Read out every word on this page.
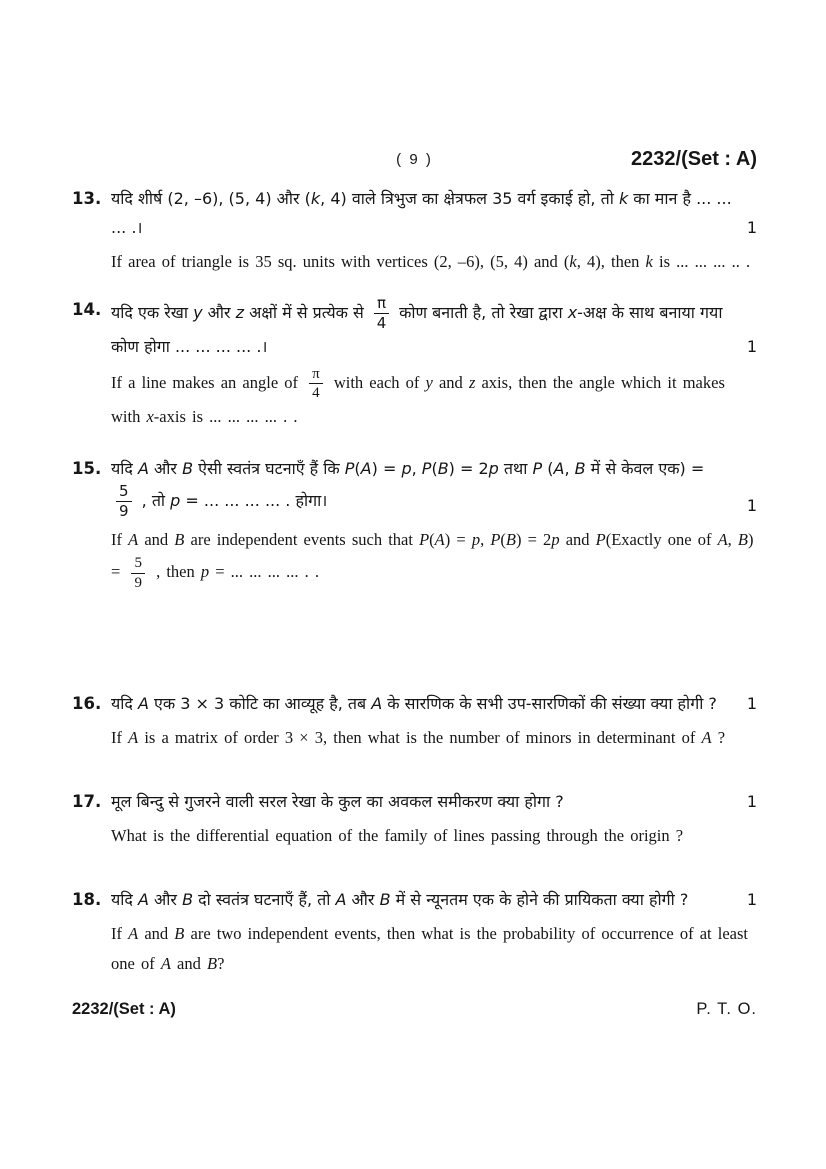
( 9 )	2232/(Set : A)
13. यदि शीर्ष (2, –6), (5, 4) और (k, 4) वाले त्रिभुज का क्षेत्रफल 35 वर्ग इकाई हो, तो k का मान है ... ... ... .।	1
If area of triangle is 35 sq. units with vertices (2, –6), (5, 4) and (k, 4), then k is ... ... ... .. .
14. यदि एक रेखा y और z अक्षों में से प्रत्येक से $\frac{\pi}{4}$ कोण बनाती है, तो रेखा द्वारा x-अक्ष के साथ बनाया गया कोण होगा ... ... ... ... .।	1
If a line makes an angle of $\frac{\pi}{4}$ with each of y and z axis, then the angle which it makes with x-axis is ... ... ... ... . .
15. यदि A और B ऐसी स्वतंत्र घटनाएँ हैं कि P(A) = p, P(B) = 2p तथा P (A, B में से केवल एक) =
$\frac{5}{9}$ , तो p = ... ... ... ... . होगा।	1
If A and B are independent events such that P(A) = p, P(B) = 2p and P(Exactly one of A, $B) = \frac{5}{9}$ , then p = ... ... ... ... . .
16. यदि A एक 3 × 3 कोटि का आव्यूह है, तब A के सारणिक के सभी उप-सारणिकों की संख्या क्या होगी ? 1
If A is a matrix of order 3 × 3, then what is the number of minors in determinant of A ?
17. मूल बिन्दु से गुजरने वाली सरल रेखा के कुल का अवकल समीकरण क्या होगा ?	1
What is the differential equation of the family of lines passing through the origin ?
18. यदि A और B दो स्वतंत्र घटनाएँ हैं, तो A और B में से न्यूनतम एक के होने की प्रायिकता क्या होगी ?	1
If A and B are two independent events, then what is the probability of occurrence of at least one of A and B?
2232/(Set : A)	P. T. O.
